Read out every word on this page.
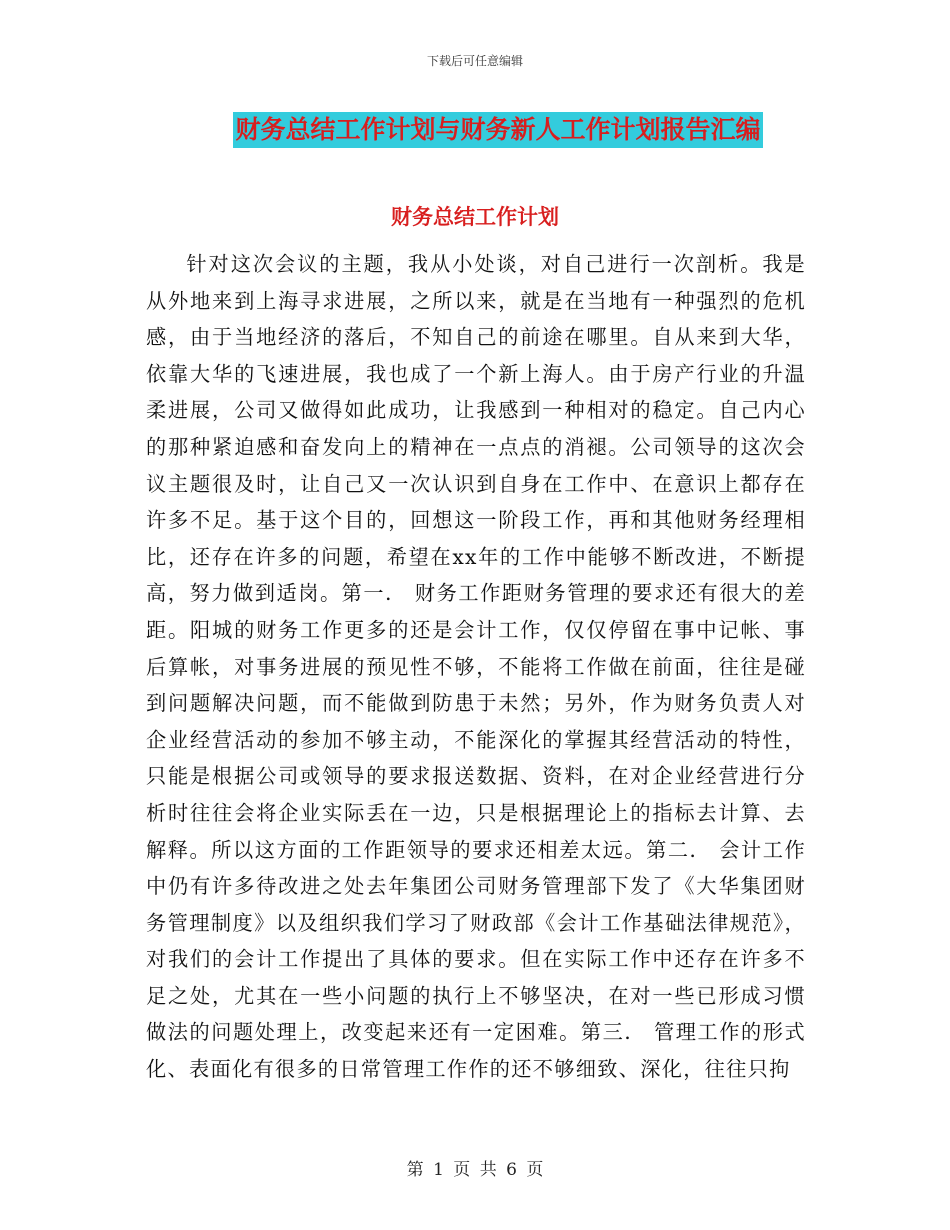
下载后可任意编辑
财务总结工作计划与财务新人工作计划报告汇编
财务总结工作计划

针对这次会议的主题，我从小处谈，对自己进行一次剖析。我是从外地来到上海寻求进展，之所以来，就是在当地有一种强烈的危机感，由于当地经济的落后，不知自己的前途在哪里。自从来到大华，依靠大华的飞速进展，我也成了一个新上海人。由于房产行业的升温柔进展，公司又做得如此成功，让我感到一种相对的稳定。自己内心的那种紧迫感和奋发向上的精神在一点点的消褪。公司领导的这次会议主题很及时，让自己又一次认识到自身在工作中、在意识上都存在许多不足。基于这个目的，回想这一阶段工作，再和其他财务经理相比，还存在许多的问题，希望在xx年的工作中能够不断改进，不断提高，努力做到适岗。第一． 财务工作距财务管理的要求还有很大的差距。阳城的财务工作更多的还是会计工作，仅仅停留在事中记帐、事后算帐，对事务进展的预见性不够，不能将工作做在前面，往往是碰到问题解决问题，而不能做到防患于未然；另外，作为财务负责人对企业经营活动的参加不够主动，不能深化的掌握其经营活动的特性，只能是根据公司或领导的要求报送数据、资料，在对企业经营进行分析时往往会将企业实际丢在一边，只是根据理论上的指标去计算、去解释。所以这方面的工作距领导的要求还相差太远。第二． 会计工作中仍有许多待改进之处去年集团公司财务管理部下发了《大华集团财务管理制度》以及组织我们学习了财政部《会计工作基础法律规范》，对我们的会计工作提出了具体的要求。但在实际工作中还存在许多不足之处，尤其在一些小问题的执行上不够坚决，在对一些已形成习惯做法的问题处理上，改变起来还有一定困难。第三． 管理工作的形式化、表面化有很多的日常管理工作作的还不够细致、深化，往往只拘

第 1 页 共 6 页
